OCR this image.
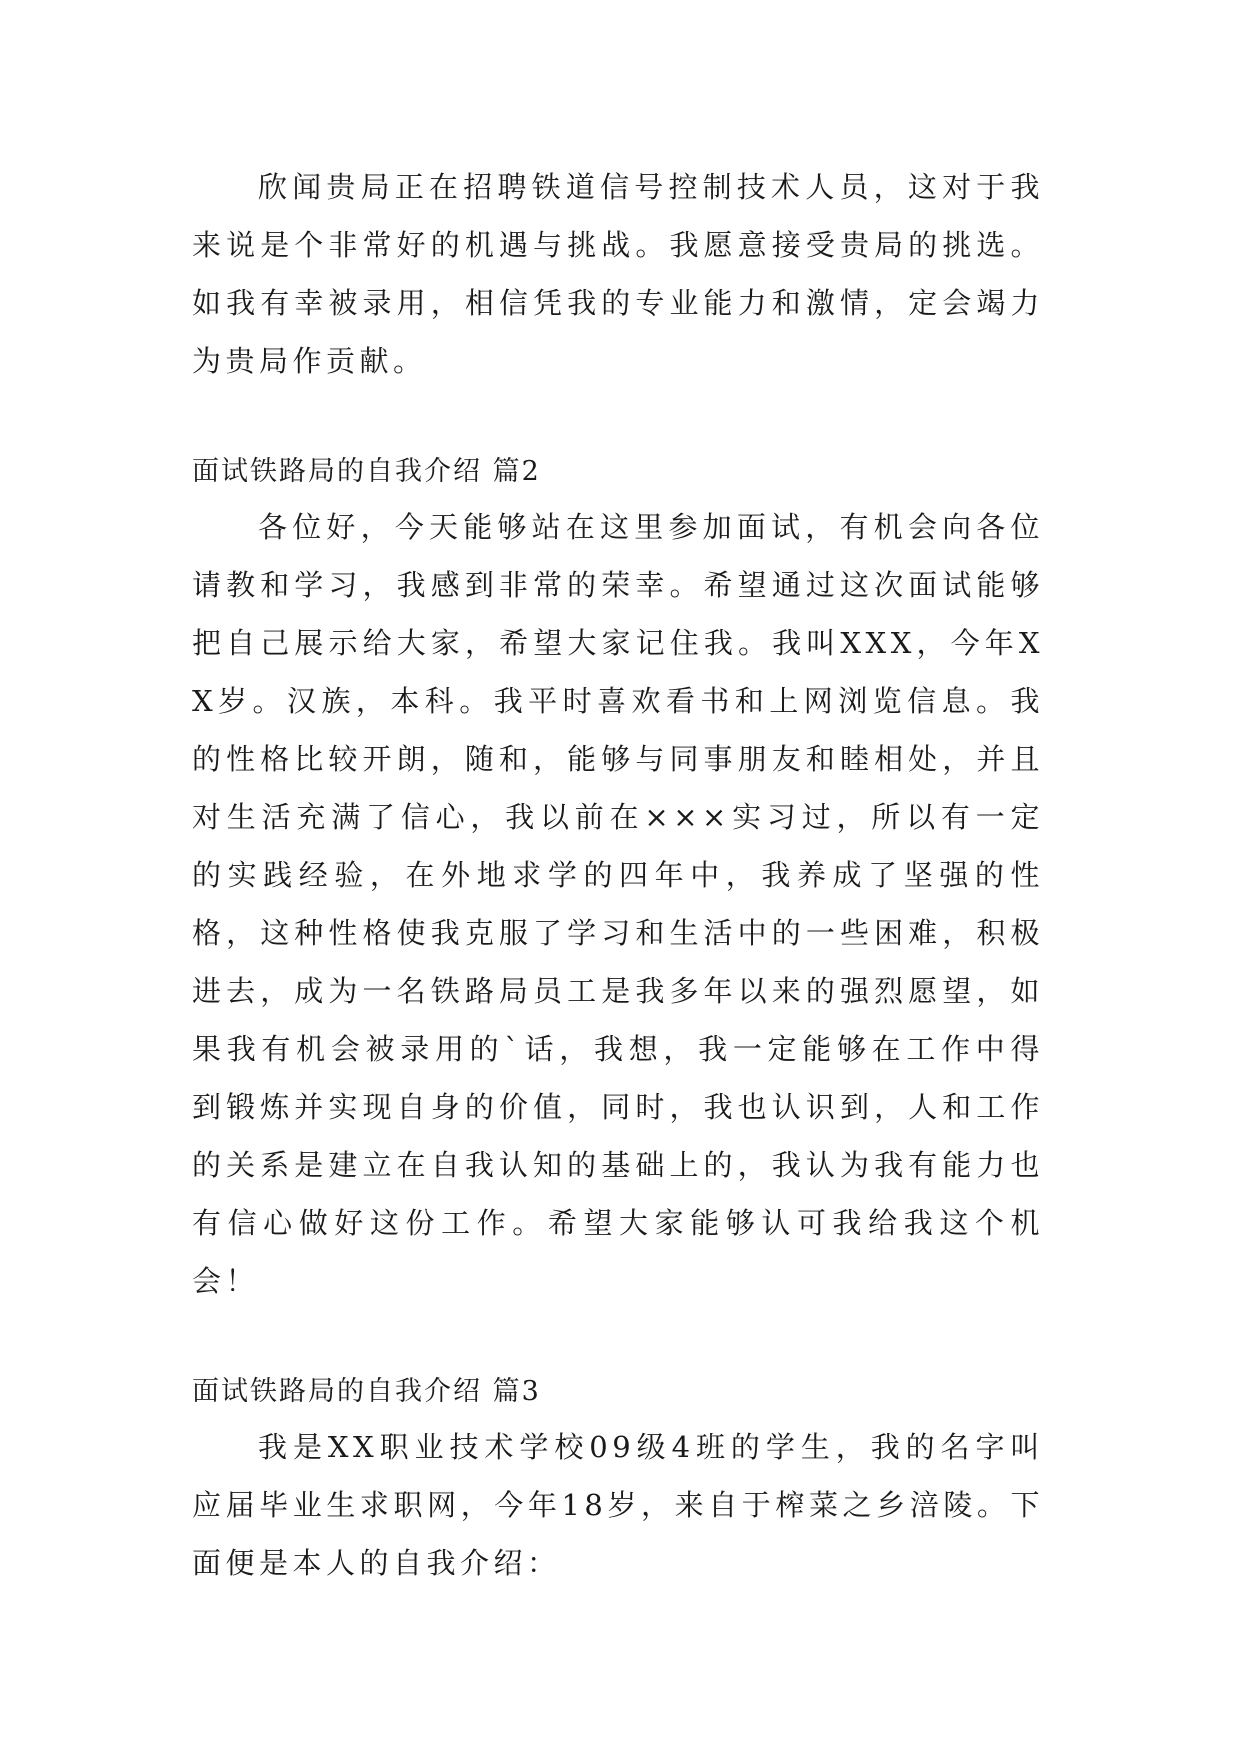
欣闻贵局正在招聘铁道信号控制技术人员，这对于我来说是个非常好的机遇与挑战。我愿意接受贵局的挑选。如我有幸被录用，相信凭我的专业能力和激情，定会竭力为贵局作贡献。

面试铁路局的自我介绍 篇2

各位好，今天能够站在这里参加面试，有机会向各位请教和学习，我感到非常的荣幸。希望通过这次面试能够把自己展示给大家，希望大家记住我。我叫XXX，今年XX岁。汉族，本科。我平时喜欢看书和上网浏览信息。我的性格比较开朗，随和，能够与同事朋友和睦相处，并且对生活充满了信心，我以前在×××实习过，所以有一定的实践经验，在外地求学的四年中，我养成了坚强的性格，这种性格使我克服了学习和生活中的一些困难，积极进去，成为一名铁路局员工是我多年以来的强烈愿望，如果我有机会被录用的`话，我想，我一定能够在工作中得到锻炼并实现自身的价值，同时，我也认识到，人和工作的关系是建立在自我认知的基础上的，我认为我有能力也有信心做好这份工作。希望大家能够认可我给我这个机会！

面试铁路局的自我介绍 篇3

我是XX职业技术学校09级4班的学生，我的名字叫应届毕业生求职网，今年18岁，来自于榨菜之乡涪陵。下面便是本人的自我介绍：
